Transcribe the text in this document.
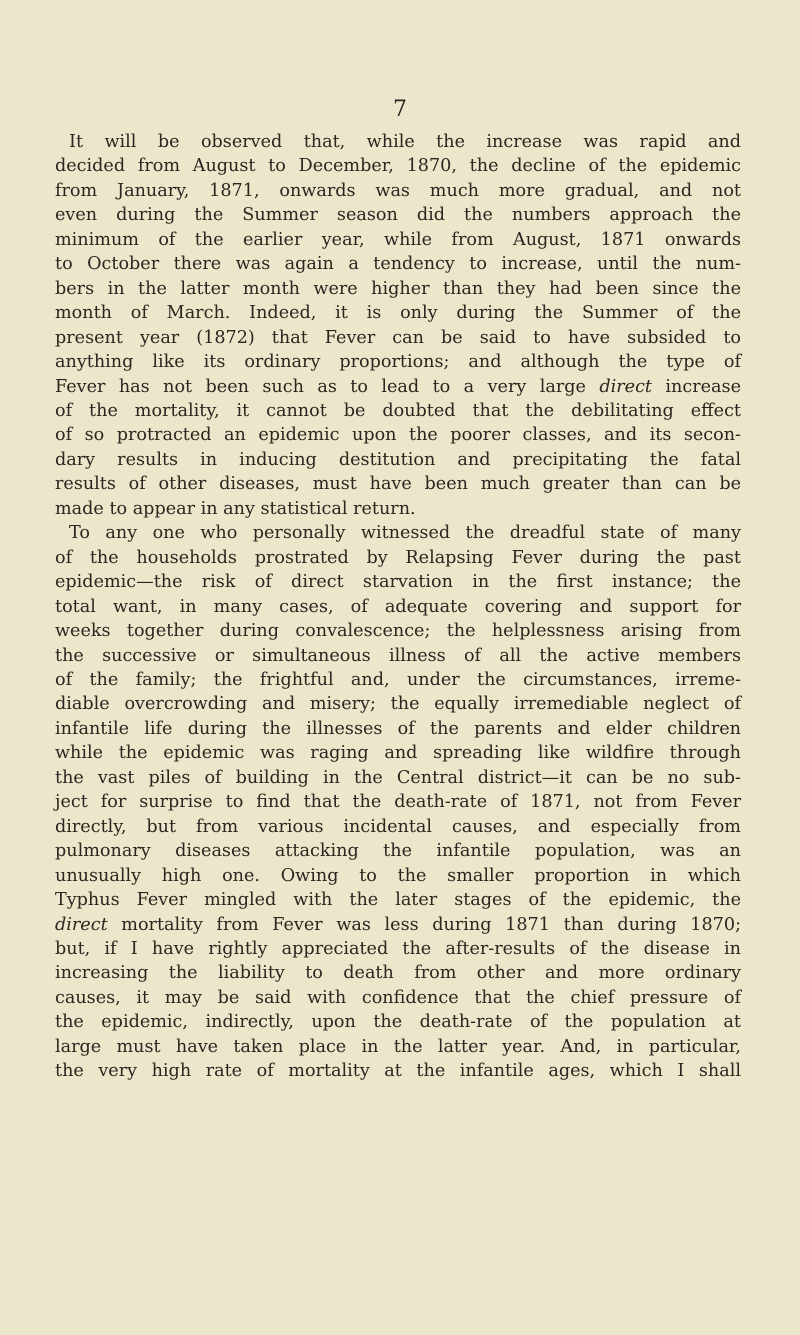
7

It will be observed that, while the increase was rapid and
decided from August to December, 1870, the decline of the epidemic
from January, 1871, onwards was much more gradual, and not
even during the Summer season did the numbers approach the
minimum of the earlier year, while from August, 1871 onwards
to October there was again a tendency to increase, until the num-
bers in the latter month were higher than they had been since the
month of March. Indeed, it is only during the Summer of the
present year (1872) that Fever can be said to have subsided to
anything like its ordinary proportions; and although the type of
Fever has not been such as to lead to a very large direct increase
of the mortality, it cannot be doubted that the debilitating effect
of so protracted an epidemic upon the poorer classes, and its secon-
dary results in inducing destitution and precipitating the fatal
results of other diseases, must have been much greater than can be
made to appear in any statistical return.

To any one who personally witnessed the dreadful state of many
of the households prostrated by Relapsing Fever during the past
epidemic—the risk of direct starvation in the first instance; the
total want, in many cases, of adequate covering and support for
weeks together during convalescence; the helplessness arising from
the successive or simultaneous illness of all the active members
of the family; the frightful and, under the circumstances, irreme-
diable overcrowding and misery; the equally irremediable neglect of
infantile life during the illnesses of the parents and elder children
while the epidemic was raging and spreading like wildfire through
the vast piles of building in the Central district—it can be no sub-
ject for surprise to find that the death-rate of 1871, not from Fever
directly, but from various incidental causes, and especially from
pulmonary diseases attacking the infantile population, was an
unusually high one. Owing to the smaller proportion in which
Typhus Fever mingled with the later stages of the epidemic, the
direct mortality from Fever was less during 1871 than during 1870;
but, if I have rightly appreciated the after-results of the disease in
increasing the liability to death from other and more ordinary
causes, it may be said with confidence that the chief pressure of
the epidemic, indirectly, upon the death-rate of the population at
large must have taken place in the latter year. And, in particular,
the very high rate of mortality at the infantile ages, which I shall
